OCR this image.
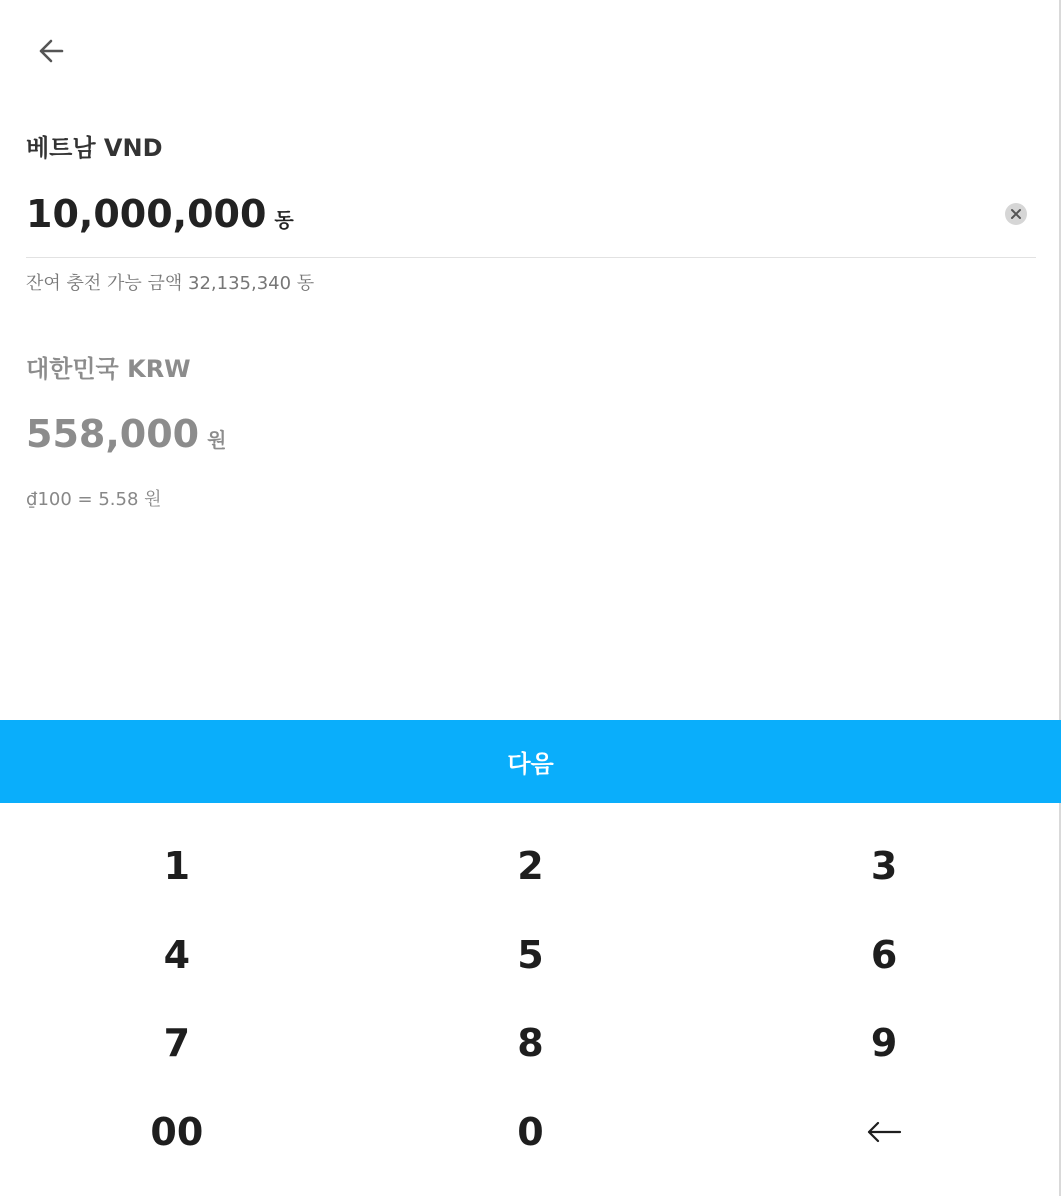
베트남 VND
10,000,000 동
잔여 충전 가능 금액 32,135,340 동
대한민국 KRW
558,000 원
₫100 = 5.58 원
다음
1	2	3
4	5	6
7	8	9
00	0
